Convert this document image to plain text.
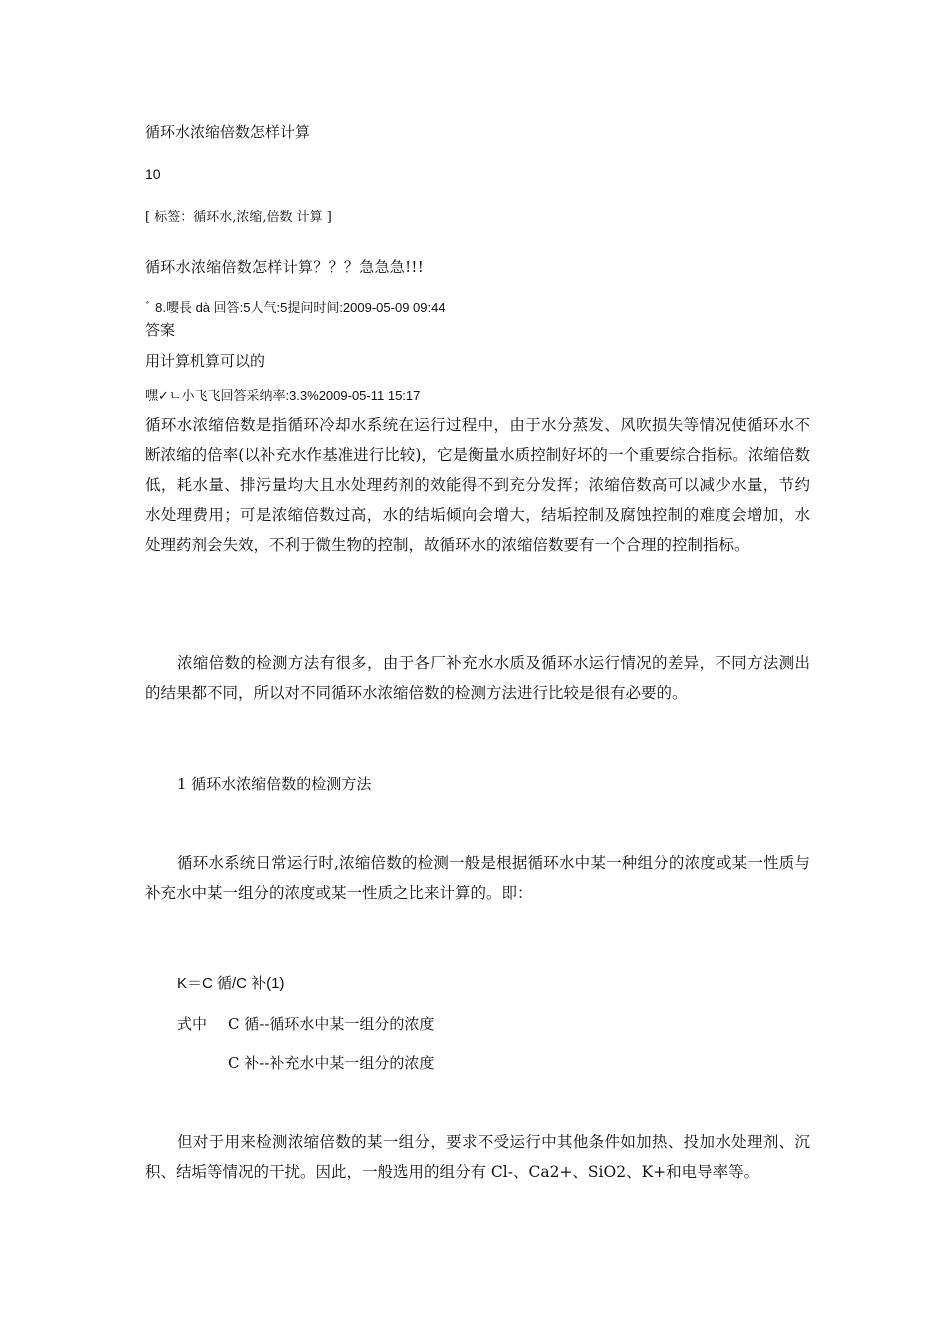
循环水浓缩倍数怎样计算
10
[ 标签：循环水,浓缩,倍数 计算 ]
循环水浓缩倍数怎样计算？？？急急急!!!
ﾞ 8.嘤長 dà 回答:5人气:5提问时间:2009-05-09 09:44
答案
用计算机算可以的
嘿✓ㄴ小飞飞回答采纳率:3.3%2009-05-11 15:17
循环水浓缩倍数是指循环冷却水系统在运行过程中，由于水分蒸发、风吹损失等情况使循环水不断浓缩的倍率(以补充水作基准进行比较)，它是衡量水质控制好坏的一个重要综合指标。浓缩倍数低，耗水量、排污量均大且水处理药剂的效能得不到充分发挥；浓缩倍数高可以减少水量，节约水处理费用；可是浓缩倍数过高，水的结垢倾向会增大，结垢控制及腐蚀控制的难度会增加，水处理药剂会失效，不利于微生物的控制，故循环水的浓缩倍数要有一个合理的控制指标。
浓缩倍数的检测方法有很多，由于各厂补充水水质及循环水运行情况的差异，不同方法测出的结果都不同，所以对不同循环水浓缩倍数的检测方法进行比较是很有必要的。
1 循环水浓缩倍数的检测方法
循环水系统日常运行时,浓缩倍数的检测一般是根据循环水中某一种组分的浓度或某一性质与补充水中某一组分的浓度或某一性质之比来计算的。即：
K＝C 循/C 补(1)
式中 C 循--循环水中某一组分的浓度
C 补--补充水中某一组分的浓度
但对于用来检测浓缩倍数的某一组分，要求不受运行中其他条件如加热、投加水处理剂、沉积、结垢等情况的干扰。因此，一般选用的组分有 Cl-、Ca2+、SiO2、K+和电导率等。
